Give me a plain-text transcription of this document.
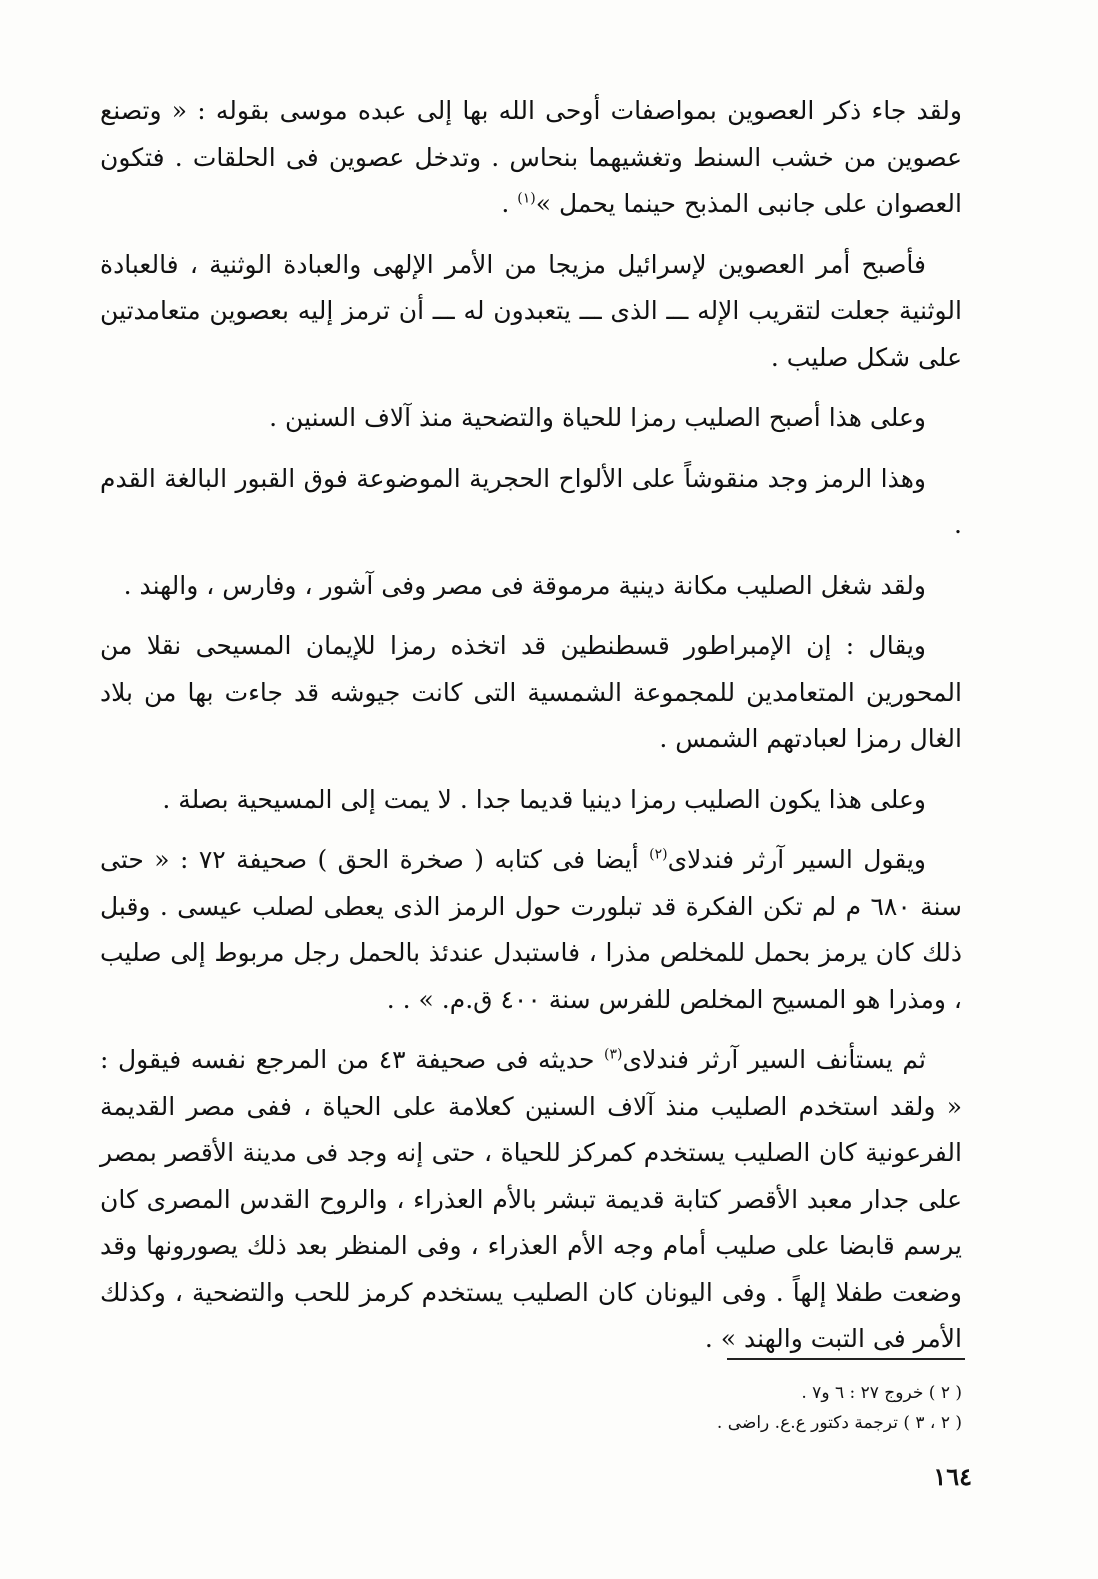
ولقد جاء ذكر العصوين بمواصفات أوحى الله بها إلى عبده موسى بقوله : « وتصنع عصوين من خشب السنط وتغشيهما بنحاس . وتدخل عصوين فى الحلقات . فتكون العصوان على جانبى المذبح حينما يحمل »$^{(١)}$ .

فأصبح أمر العصوين لإسرائيل مزيجا من الأمر الإلهى والعبادة الوثنية ، فالعبادة الوثنية جعلت لتقريب الإله ـــ الذى ـــ يتعبدون له ـــ أن ترمز إليه بعصوين متعامدتين على شكل صليب .

وعلى هذا أصبح الصليب رمزا للحياة والتضحية منذ آلاف السنين .

وهذا الرمز وجد منقوشاً على الألواح الحجرية الموضوعة فوق القبور البالغة القدم .

ولقد شغل الصليب مكانة دينية مرموقة فى مصر وفى آشور ، وفارس ، والهند .

ويقال : إن الإمبراطور قسطنطين قد اتخذه رمزا للإيمان المسيحى نقلا من المحورين المتعامدين للمجموعة الشمسية التى كانت جيوشه قد جاءت بها من بلاد الغال رمزا لعبادتهم الشمس .

وعلى هذا يكون الصليب رمزا دينيا قديما جدا . لا يمت إلى المسيحية بصلة .

ويقول السير آرثر فندلاى$^{(٢)}$ أيضا فى كتابه ( صخرة الحق ) صحيفة ٧٢ : « حتى سنة ٦٨٠ م لم تكن الفكرة قد تبلورت حول الرمز الذى يعطى لصلب عيسى . وقبل ذلك كان يرمز بحمل للمخلص مذرا ، فاستبدل عندئذ بالحمل رجل مربوط إلى صليب ، ومذرا هو المسيح المخلص للفرس سنة ٤٠٠ ق.م. » . .

ثم يستأنف السير آرثر فندلاى$^{(٣)}$ حديثه فى صحيفة ٤٣ من المرجع نفسه فيقول : « ولقد استخدم الصليب منذ آلاف السنين كعلامة على الحياة ، ففى مصر القديمة الفرعونية كان الصليب يستخدم كمركز للحياة ، حتى إنه وجد فى مدينة الأقصر بمصر على جدار معبد الأقصر كتابة قديمة تبشر بالأم العذراء ، والروح القدس المصرى كان يرسم قابضا على صليب أمام وجه الأم العذراء ، وفى المنظر بعد ذلك يصورونها وقد وضعت طفلا إلهاً . وفى اليونان كان الصليب يستخدم كرمز للحب والتضحية ، وكذلك الأمر فى التبت والهند » .

( ٢ ) خروج ٢٧ : ٦ و٧ .

( ٢ ، ٣ ) ترجمة دكتور ع.ع. راضى .

١٦٤
